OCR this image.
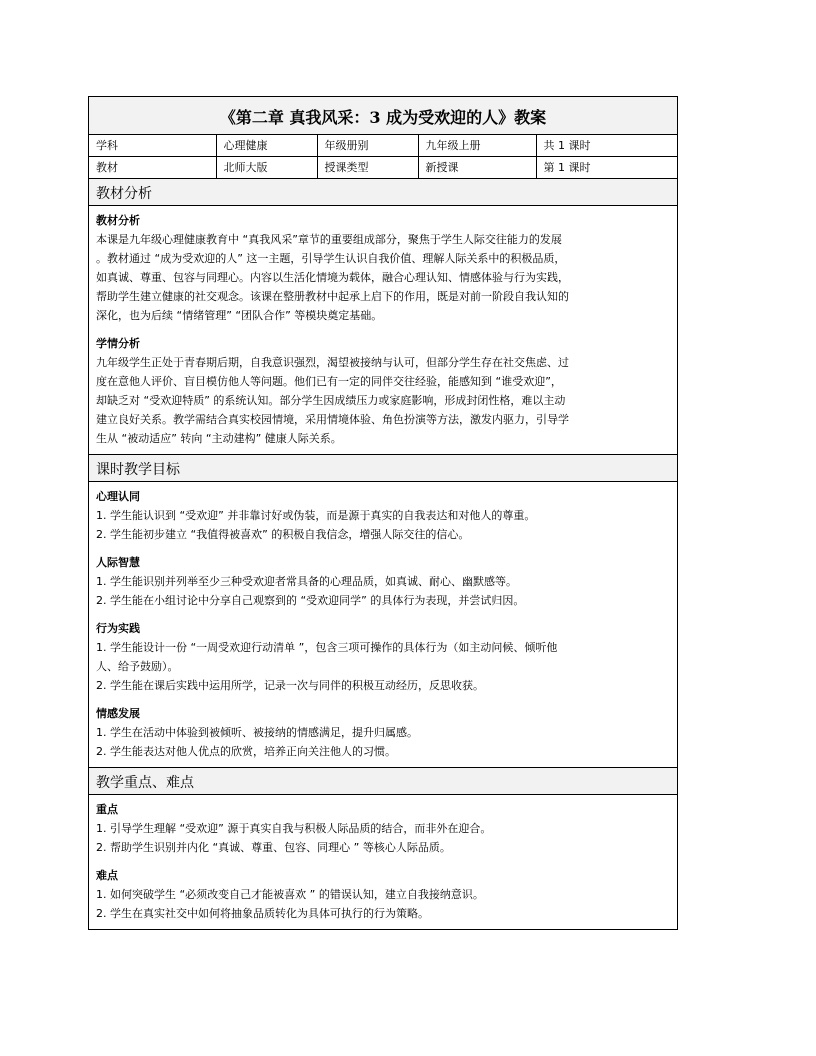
《第二章 真我风采：3 成为受欢迎的人》教案
学科	心理健康	年级册别	九年级上册	共 1 课时
教材	北师大版	授课类型	新授课	第 1 课时
教材分析
教材分析
本课是九年级心理健康教育中 “真我风采”章节的重要组成部分，聚焦于学生人际交往能力的发展
。教材通过 “成为受欢迎的人” 这一主题，引导学生认识自我价值、理解人际关系中的积极品质，
如真诚、尊重、包容与同理心。内容以生活化情境为载体，融合心理认知、情感体验与行为实践，
帮助学生建立健康的社交观念。该课在整册教材中起承上启下的作用，既是对前一阶段自我认知的
深化，也为后续 “情绪管理” “团队合作” 等模块奠定基础。
学情分析
九年级学生正处于青春期后期，自我意识强烈，渴望被接纳与认可，但部分学生存在社交焦虑、过
度在意他人评价、盲目模仿他人等问题。他们已有一定的同伴交往经验，能感知到 “谁受欢迎”，
却缺乏对 “受欢迎特质” 的系统认知。部分学生因成绩压力或家庭影响，形成封闭性格，难以主动
建立良好关系。教学需结合真实校园情境，采用情境体验、角色扮演等方法，激发内驱力，引导学
生从 “被动适应” 转向 “主动建构” 健康人际关系。
课时教学目标
心理认同
1. 学生能认识到 “受欢迎” 并非靠讨好或伪装，而是源于真实的自我表达和对他人的尊重。
2. 学生能初步建立 “我值得被喜欢” 的积极自我信念，增强人际交往的信心。
人际智慧
1. 学生能识别并列举至少三种受欢迎者常具备的心理品质，如真诚、耐心、幽默感等。
2. 学生能在小组讨论中分享自己观察到的 “受欢迎同学” 的具体行为表现，并尝试归因。
行为实践
1. 学生能设计一份 “一周受欢迎行动清单 ”，包含三项可操作的具体行为（如主动问候、倾听他
人、给予鼓励）。
2. 学生能在课后实践中运用所学，记录一次与同伴的积极互动经历，反思收获。
情感发展
1. 学生在活动中体验到被倾听、被接纳的情感满足，提升归属感。
2. 学生能表达对他人优点的欣赏，培养正向关注他人的习惯。
教学重点、难点
重点
1. 引导学生理解 “受欢迎” 源于真实自我与积极人际品质的结合，而非外在迎合。
2. 帮助学生识别并内化 “真诚、尊重、包容、同理心 ” 等核心人际品质。
难点
1. 如何突破学生 “必须改变自己才能被喜欢 ” 的错误认知，建立自我接纳意识。
2. 学生在真实社交中如何将抽象品质转化为具体可执行的行为策略。
